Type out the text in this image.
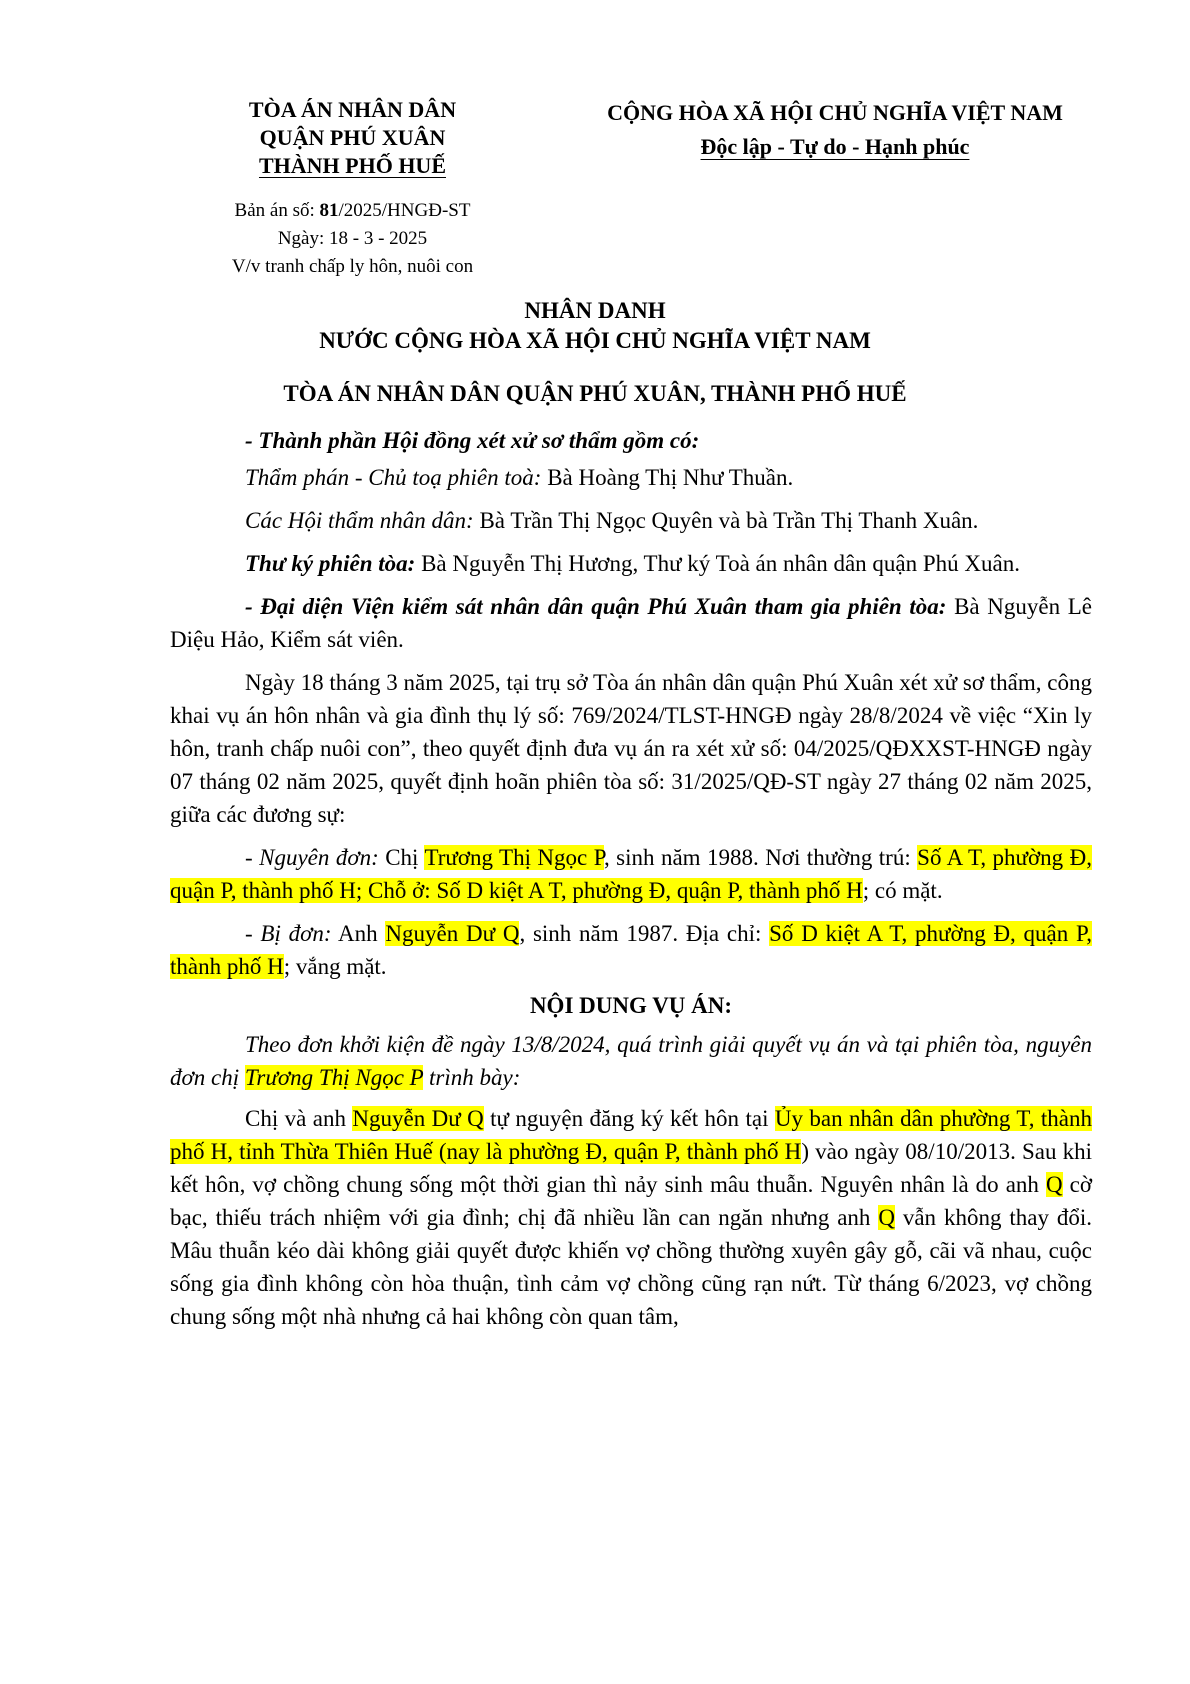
TÒA ÁN NHÂN DÂN
QUẬN PHÚ XUÂN
THÀNH PHỐ HUẾ
Bản án số: 81/2025/HNGĐ-ST
Ngày: 18 - 3 - 2025
V/v tranh chấp ly hôn, nuôi con
CỘNG HÒA XÃ HỘI CHỦ NGHĨA VIỆT NAM
Độc lập - Tự do - Hạnh phúc
NHÂN DANH
NƯỚC CỘNG HÒA XÃ HỘI CHỦ NGHĨA VIỆT NAM
TÒA ÁN NHÂN DÂN QUẬN PHÚ XUÂN, THÀNH PHỐ HUẾ

- Thành phần Hội đồng xét xử sơ thẩm gồm có:

Thẩm phán - Chủ toạ phiên toà: Bà Hoàng Thị Như Thuần.

Các Hội thẩm nhân dân: Bà Trần Thị Ngọc Quyên và bà Trần Thị Thanh Xuân.

Thư ký phiên tòa: Bà Nguyễn Thị Hương, Thư ký Toà án nhân dân quận Phú Xuân.

- Đại diện Viện kiểm sát nhân dân quận Phú Xuân tham gia phiên tòa: Bà Nguyễn Lê Diệu Hảo, Kiểm sát viên.

Ngày 18 tháng 3 năm 2025, tại trụ sở Tòa án nhân dân quận Phú Xuân xét xử sơ thẩm, công khai vụ án hôn nhân và gia đình thụ lý số: 769/2024/TLST-HNGĐ ngày 28/8/2024 về việc “Xin ly hôn, tranh chấp nuôi con”, theo quyết định đưa vụ án ra xét xử số: 04/2025/QĐXXST-HNGĐ ngày 07 tháng 02 năm 2025, quyết định hoãn phiên tòa số: 31/2025/QĐ-ST ngày 27 tháng 02 năm 2025, giữa các đương sự:

- Nguyên đơn: Chị Trương Thị Ngọc P, sinh năm 1988. Nơi thường trú: Số A T, phường Đ, quận P, thành phố H; Chỗ ở: Số D kiệt A T, phường Đ, quận P, thành phố H; có mặt.

- Bị đơn: Anh Nguyễn Dư Q, sinh năm 1987. Địa chỉ: Số D kiệt A T, phường Đ, quận P, thành phố H; vắng mặt.

NỘI DUNG VỤ ÁN:

Theo đơn khởi kiện đề ngày 13/8/2024, quá trình giải quyết vụ án và tại phiên tòa, nguyên đơn chị Trương Thị Ngọc P trình bày:

Chị và anh Nguyễn Dư Q tự nguyện đăng ký kết hôn tại Ủy ban nhân dân phường T, thành phố H, tỉnh Thừa Thiên Huế (nay là phường Đ, quận P, thành phố H) vào ngày 08/10/2013. Sau khi kết hôn, vợ chồng chung sống một thời gian thì nảy sinh mâu thuẫn. Nguyên nhân là do anh Q cờ bạc, thiếu trách nhiệm với gia đình; chị đã nhiều lần can ngăn nhưng anh Q vẫn không thay đổi. Mâu thuẫn kéo dài không giải quyết được khiến vợ chồng thường xuyên gây gỗ, cãi vã nhau, cuộc sống gia đình không còn hòa thuận, tình cảm vợ chồng cũng rạn nứt. Từ tháng 6/2023, vợ chồng chung sống một nhà nhưng cả hai không còn quan tâm,
